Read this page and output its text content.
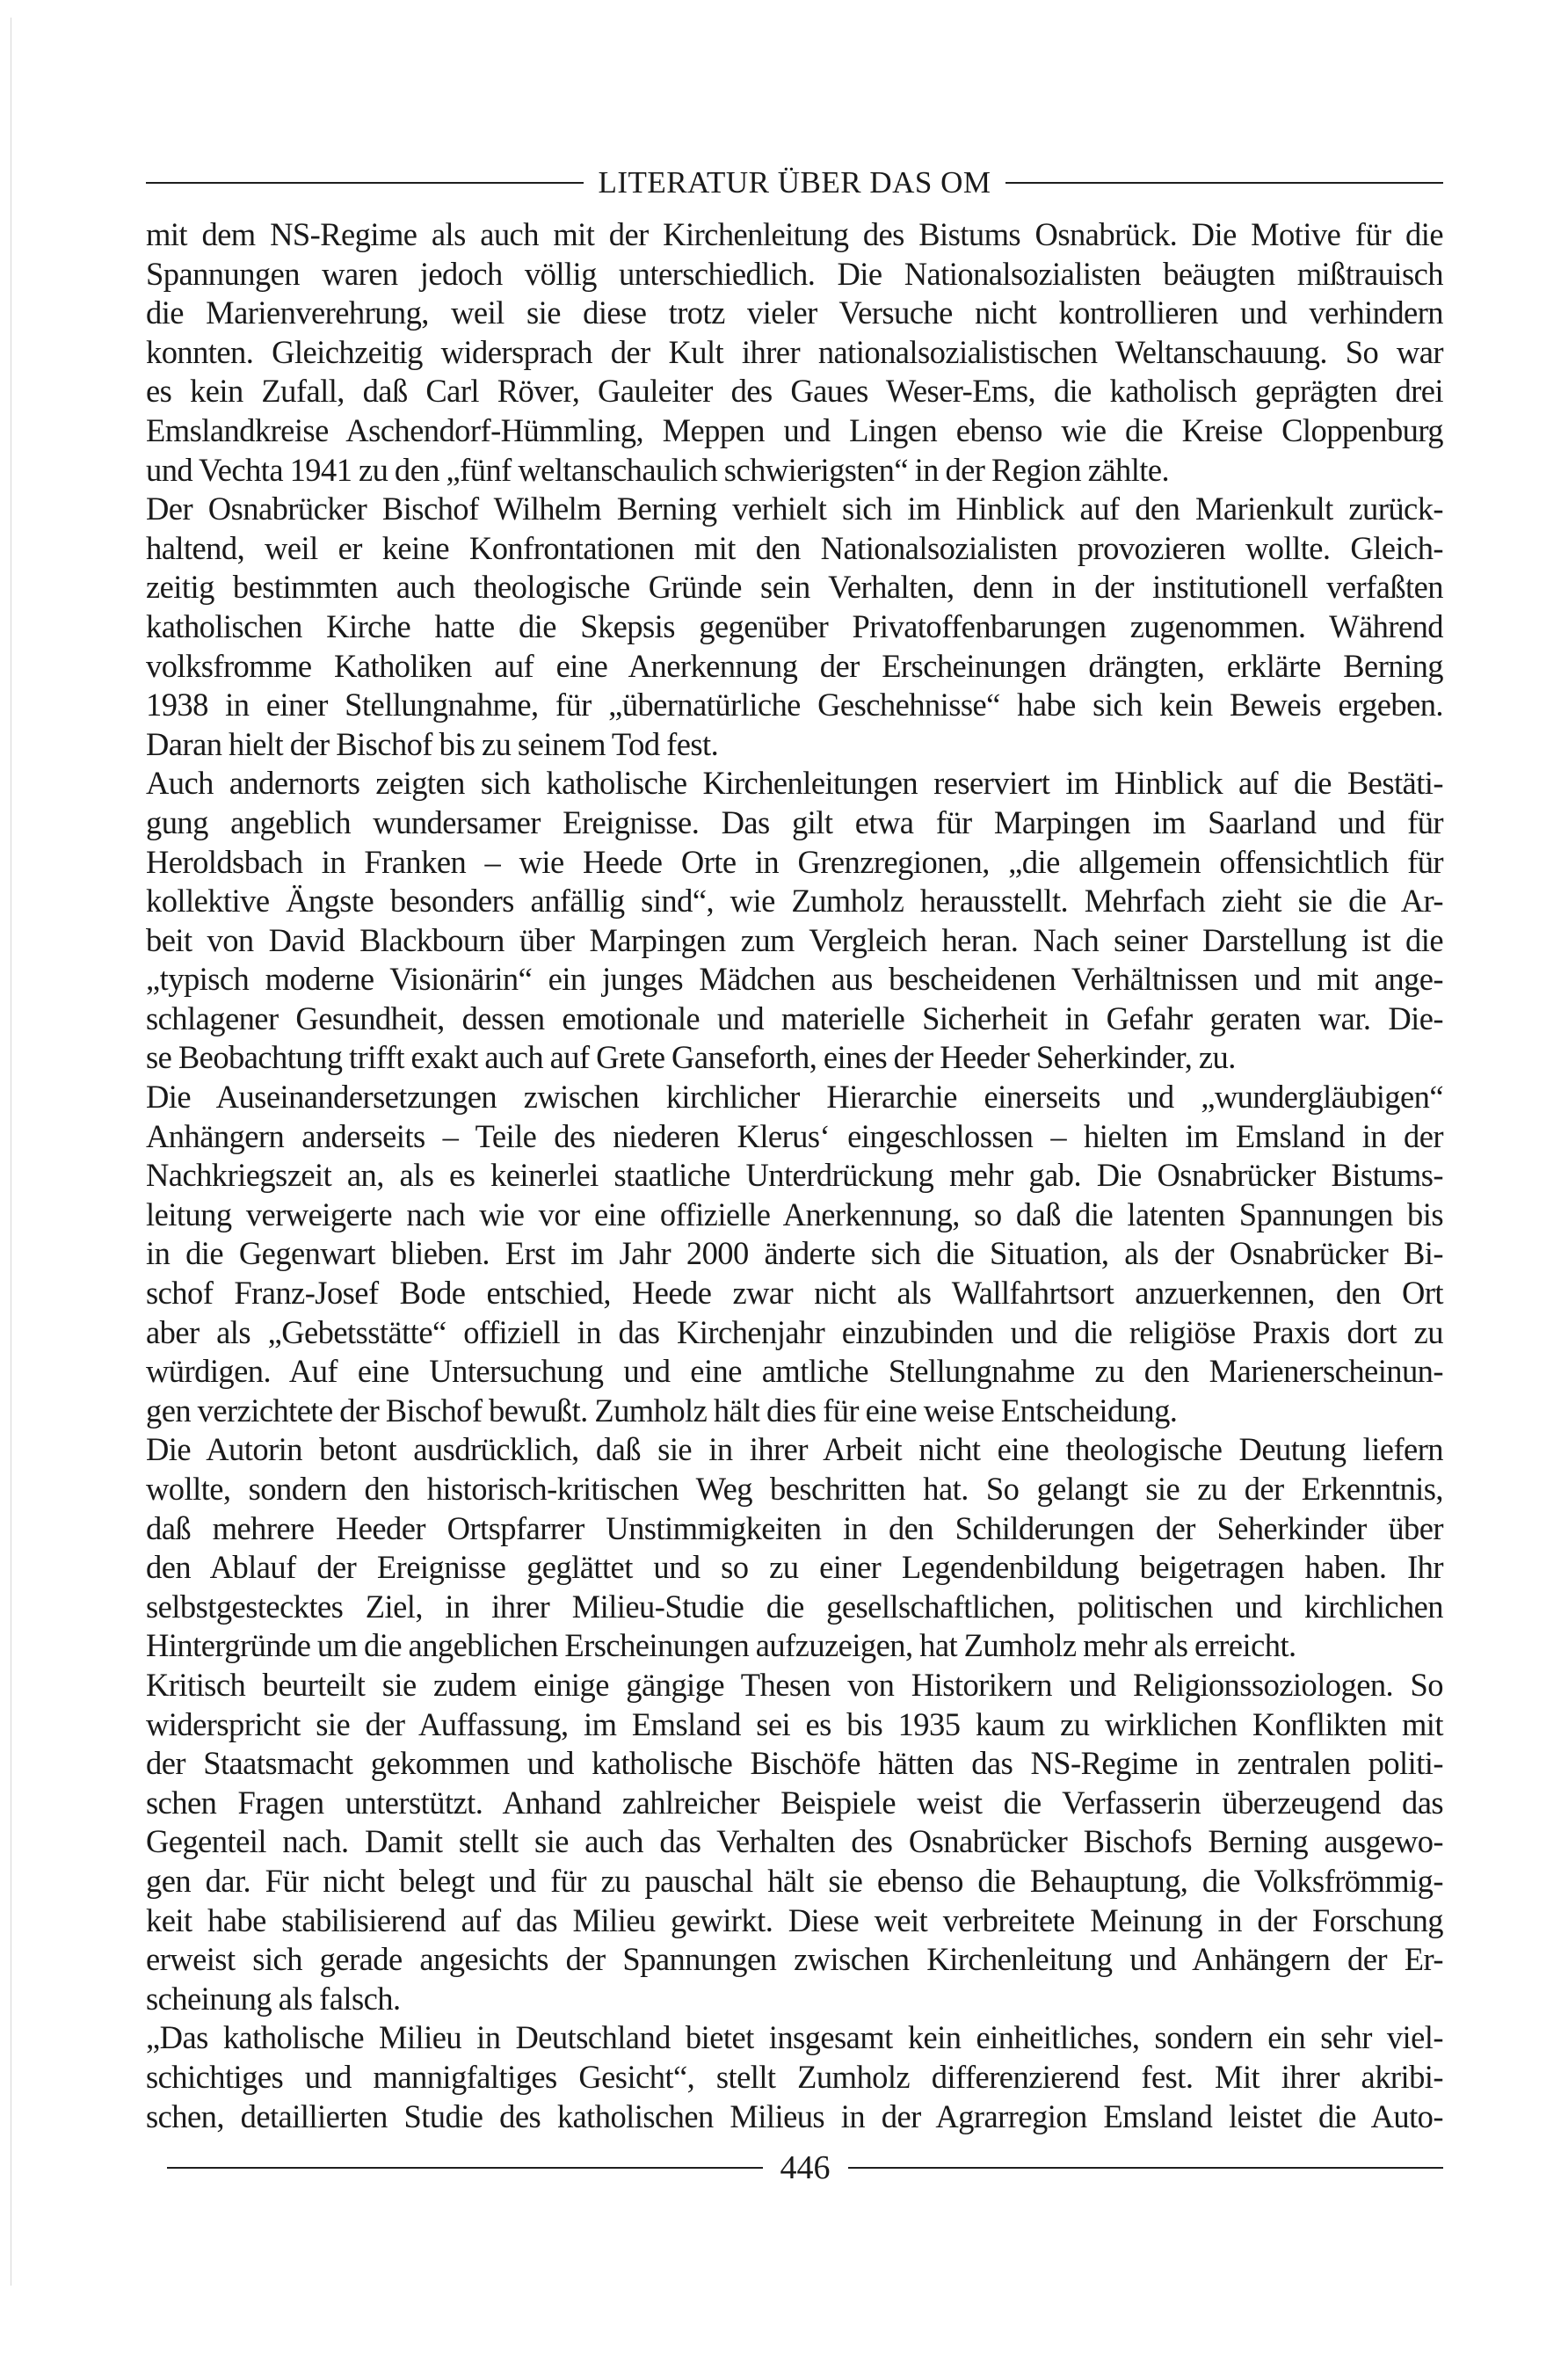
LITERATUR ÜBER DAS OM
mit dem NS-Regime als auch mit der Kirchenleitung des Bistums Osnabrück. Die Motive für die
Spannungen waren jedoch völlig unterschiedlich. Die Nationalsozialisten beäugten mißtrauisch
die Marienverehrung, weil sie diese trotz vieler Versuche nicht kontrollieren und verhindern
konnten. Gleichzeitig widersprach der Kult ihrer nationalsozialistischen Weltanschauung. So war
es kein Zufall, daß Carl Röver, Gauleiter des Gaues Weser-Ems, die katholisch geprägten drei
Emslandkreise Aschendorf-Hümmling, Meppen und Lingen ebenso wie die Kreise Cloppenburg
und Vechta 1941 zu den „fünf weltanschaulich schwierigsten“ in der Region zählte.
Der Osnabrücker Bischof Wilhelm Berning verhielt sich im Hinblick auf den Marienkult zurück-
haltend, weil er keine Konfrontationen mit den Nationalsozialisten provozieren wollte. Gleich-
zeitig bestimmten auch theologische Gründe sein Verhalten, denn in der institutionell verfaßten
katholischen Kirche hatte die Skepsis gegenüber Privatoffenbarungen zugenommen. Während
volksfromme Katholiken auf eine Anerkennung der Erscheinungen drängten, erklärte Berning
1938 in einer Stellungnahme, für „übernatürliche Geschehnisse“ habe sich kein Beweis ergeben.
Daran hielt der Bischof bis zu seinem Tod fest.
Auch andernorts zeigten sich katholische Kirchenleitungen reserviert im Hinblick auf die Bestäti-
gung angeblich wundersamer Ereignisse. Das gilt etwa für Marpingen im Saarland und für
Heroldsbach in Franken – wie Heede Orte in Grenzregionen, „die allgemein offensichtlich für
kollektive Ängste besonders anfällig sind“, wie Zumholz herausstellt. Mehrfach zieht sie die Ar-
beit von David Blackbourn über Marpingen zum Vergleich heran. Nach seiner Darstellung ist die
„typisch moderne Visionärin“ ein junges Mädchen aus bescheidenen Verhältnissen und mit ange-
schlagener Gesundheit, dessen emotionale und materielle Sicherheit in Gefahr geraten war. Die-
se Beobachtung trifft exakt auch auf Grete Ganseforth, eines der Heeder Seherkinder, zu.
Die Auseinandersetzungen zwischen kirchlicher Hierarchie einerseits und „wundergläubigen“
Anhängern anderseits – Teile des niederen Klerus‘ eingeschlossen – hielten im Emsland in der
Nachkriegszeit an, als es keinerlei staatliche Unterdrückung mehr gab. Die Osnabrücker Bistums-
leitung verweigerte nach wie vor eine offizielle Anerkennung, so daß die latenten Spannungen bis
in die Gegenwart blieben. Erst im Jahr 2000 änderte sich die Situation, als der Osnabrücker Bi-
schof Franz-Josef Bode entschied, Heede zwar nicht als Wallfahrtsort anzuerkennen, den Ort
aber als „Gebetsstätte“ offiziell in das Kirchenjahr einzubinden und die religiöse Praxis dort zu
würdigen. Auf eine Untersuchung und eine amtliche Stellungnahme zu den Marienerscheinun-
gen verzichtete der Bischof bewußt. Zumholz hält dies für eine weise Entscheidung.
Die Autorin betont ausdrücklich, daß sie in ihrer Arbeit nicht eine theologische Deutung liefern
wollte, sondern den historisch-kritischen Weg beschritten hat. So gelangt sie zu der Erkenntnis,
daß mehrere Heeder Ortspfarrer Unstimmigkeiten in den Schilderungen der Seherkinder über
den Ablauf der Ereignisse geglättet und so zu einer Legendenbildung beigetragen haben. Ihr
selbstgestecktes Ziel, in ihrer Milieu-Studie die gesellschaftlichen, politischen und kirchlichen
Hintergründe um die angeblichen Erscheinungen aufzuzeigen, hat Zumholz mehr als erreicht.
Kritisch beurteilt sie zudem einige gängige Thesen von Historikern und Religionssoziologen. So
widerspricht sie der Auffassung, im Emsland sei es bis 1935 kaum zu wirklichen Konflikten mit
der Staatsmacht gekommen und katholische Bischöfe hätten das NS-Regime in zentralen politi-
schen Fragen unterstützt. Anhand zahlreicher Beispiele weist die Verfasserin überzeugend das
Gegenteil nach. Damit stellt sie auch das Verhalten des Osnabrücker Bischofs Berning ausgewo-
gen dar. Für nicht belegt und für zu pauschal hält sie ebenso die Behauptung, die Volksfrömmig-
keit habe stabilisierend auf das Milieu gewirkt. Diese weit verbreitete Meinung in der Forschung
erweist sich gerade angesichts der Spannungen zwischen Kirchenleitung und Anhängern der Er-
scheinung als falsch.
„Das katholische Milieu in Deutschland bietet insgesamt kein einheitliches, sondern ein sehr viel-
schichtiges und mannigfaltiges Gesicht“, stellt Zumholz differenzierend fest. Mit ihrer akribi-
schen, detaillierten Studie des katholischen Milieus in der Agrarregion Emsland leistet die Auto-
446
